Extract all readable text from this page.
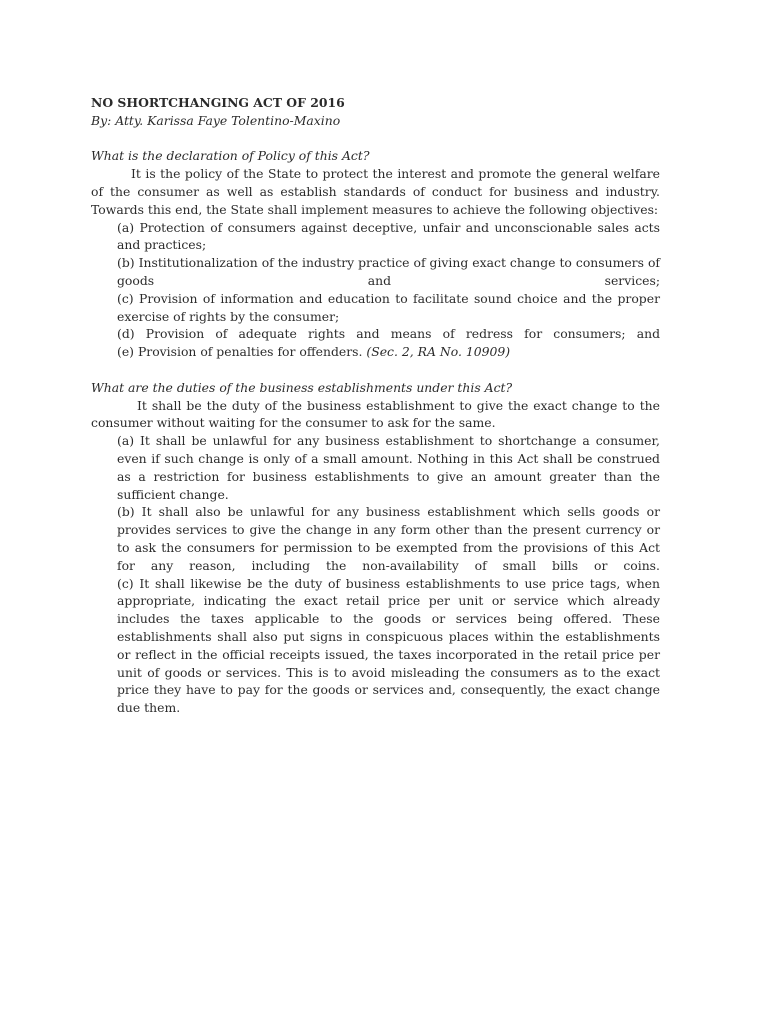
NO SHORTCHANGING ACT OF 2016

By: Atty. Karissa Faye Tolentino-Maxino

What is the declaration of Policy of this Act?

It is the policy of the State to protect the interest and promote the general welfare of the consumer as well as establish standards of conduct for business and industry. Towards this end, the State shall implement measures to achieve the following objectives:

(a) Protection of consumers against deceptive, unfair and unconscionable sales acts and practices;

(b) Institutionalization of the industry practice of giving exact change to consumers of goods and services;

(c) Provision of information and education to facilitate sound choice and the proper exercise of rights by the consumer;

(d) Provision of adequate rights and means of redress for consumers; and

(e) Provision of penalties for offenders. (Sec. 2, RA No. 10909)

What are the duties of the business establishments under this Act?

It shall be the duty of the business establishment to give the exact change to the consumer without waiting for the consumer to ask for the same.

(a) It shall be unlawful for any business establishment to shortchange a consumer, even if such change is only of a small amount. Nothing in this Act shall be construed as a restriction for business establishments to give an amount greater than the sufficient change.

(b) It shall also be unlawful for any business establishment which sells goods or provides services to give the change in any form other than the present currency or to ask the consumers for permission to be exempted from the provisions of this Act for any reason, including the non-availability of small bills or coins.

(c) It shall likewise be the duty of business establishments to use price tags, when appropriate, indicating the exact retail price per unit or service which already includes the taxes applicable to the goods or services being offered. These establishments shall also put signs in conspicuous places within the establishments or reflect in the official receipts issued, the taxes incorporated in the retail price per unit of goods or services. This is to avoid misleading the consumers as to the exact price they have to pay for the goods or services and, consequently, the exact change due them.
